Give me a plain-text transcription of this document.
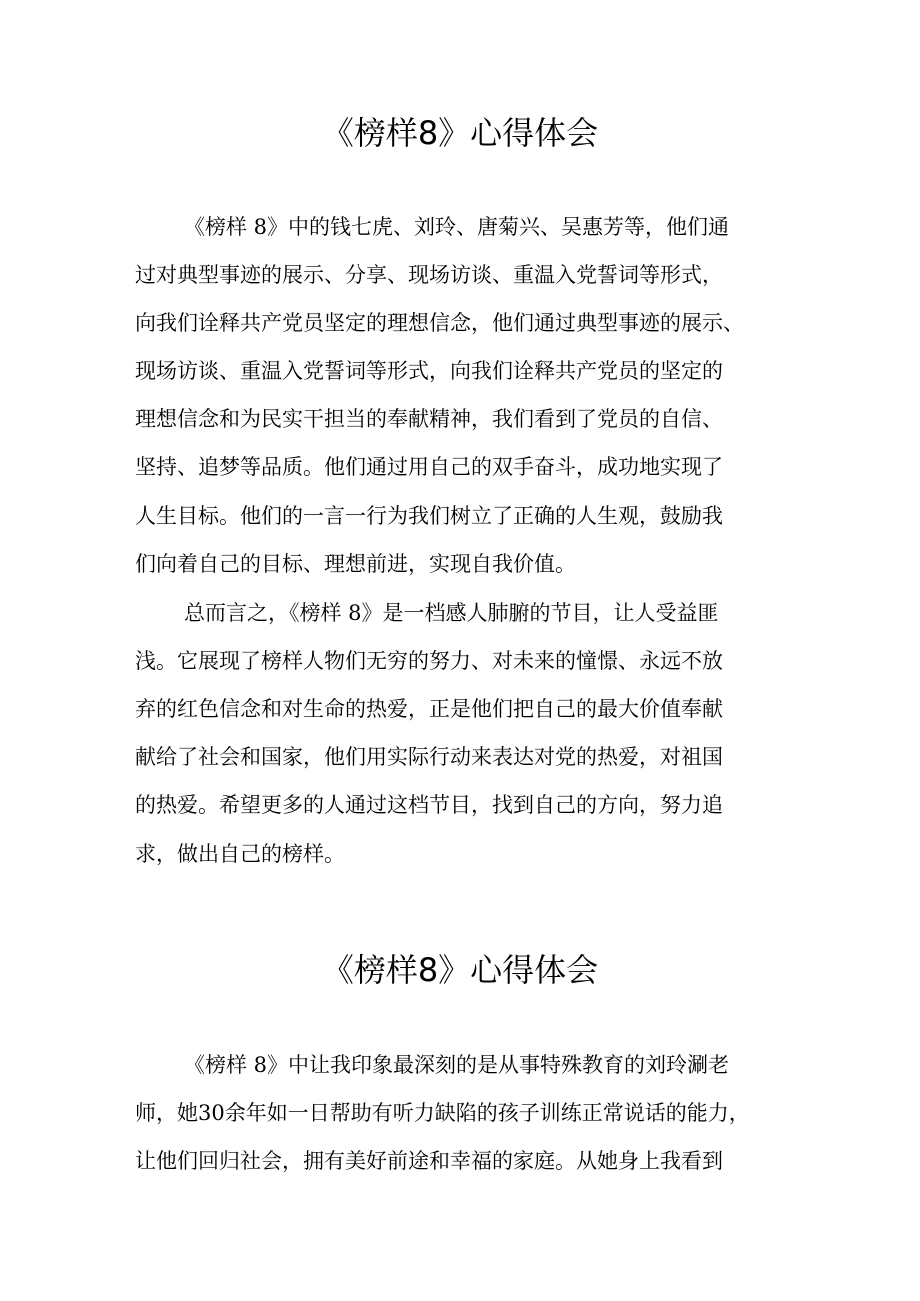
《榜样8》心得体会

《榜样 8》中的钱七虎、刘玲、唐菊兴、吴惠芳等，他们通

过对典型事迹的展示、分享、现场访谈、重温入党誓词等形式，

向我们诠释共产党员坚定的理想信念，他们通过典型事迹的展示、

现场访谈、重温入党誓词等形式，向我们诠释共产党员的坚定的

理想信念和为民实干担当的奉献精神，我们看到了党员的自信、

坚持、追梦等品质。他们通过用自己的双手奋斗，成功地实现了

人生目标。他们的一言一行为我们树立了正确的人生观，鼓励我

们向着自己的目标、理想前进，实现自我价值。

总而言之，《榜样 8》是一档感人肺腑的节目，让人受益匪

浅。它展现了榜样人物们无穷的努力、对未来的憧憬、永远不放

弃的红色信念和对生命的热爱，正是他们把自己的最大价值奉献

献给了社会和国家，他们用实际行动来表达对党的热爱，对祖国

的热爱。希望更多的人通过这档节目，找到自己的方向，努力追

求，做出自己的榜样。

《榜样8》心得体会

《榜样 8》中让我印象最深刻的是从事特殊教育的刘玲涮老

师，她30余年如一日帮助有听力缺陷的孩子训练正常说话的能力，

让他们回归社会，拥有美好前途和幸福的家庭。从她身上我看到
